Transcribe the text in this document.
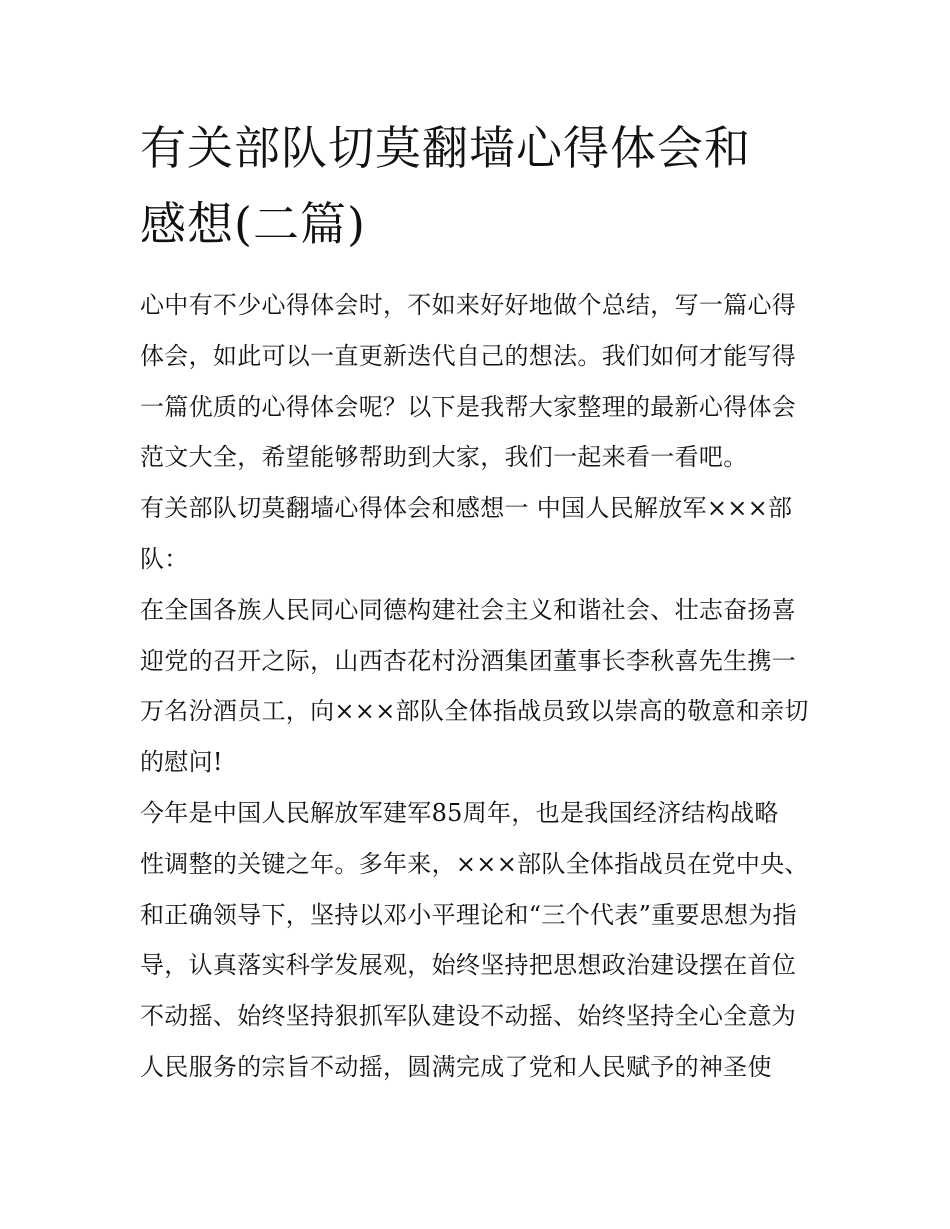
有关部队切莫翻墙心得体会和
感想(二篇)
心中有不少心得体会时，不如来好好地做个总结，写一篇心得
体会，如此可以一直更新迭代自己的想法。我们如何才能写得
一篇优质的心得体会呢？以下是我帮大家整理的最新心得体会
范文大全，希望能够帮助到大家，我们一起来看一看吧。
有关部队切莫翻墙心得体会和感想一 中国人民解放军×××部
队：
在全国各族人民同心同德构建社会主义和谐社会、壮志奋扬喜
迎党的召开之际，山西杏花村汾酒集团董事长李秋喜先生携一
万名汾酒员工，向×××部队全体指战员致以崇高的敬意和亲切
的慰问!
今年是中国人民解放军建军85周年，也是我国经济结构战略
性调整的关键之年。多年来，×××部队全体指战员在党中央、
和正确领导下，坚持以邓小平理论和“三个代表”重要思想为指
导，认真落实科学发展观，始终坚持把思想政治建设摆在首位
不动摇、始终坚持狠抓军队建设不动摇、始终坚持全心全意为
人民服务的宗旨不动摇，圆满完成了党和人民赋予的神圣使
